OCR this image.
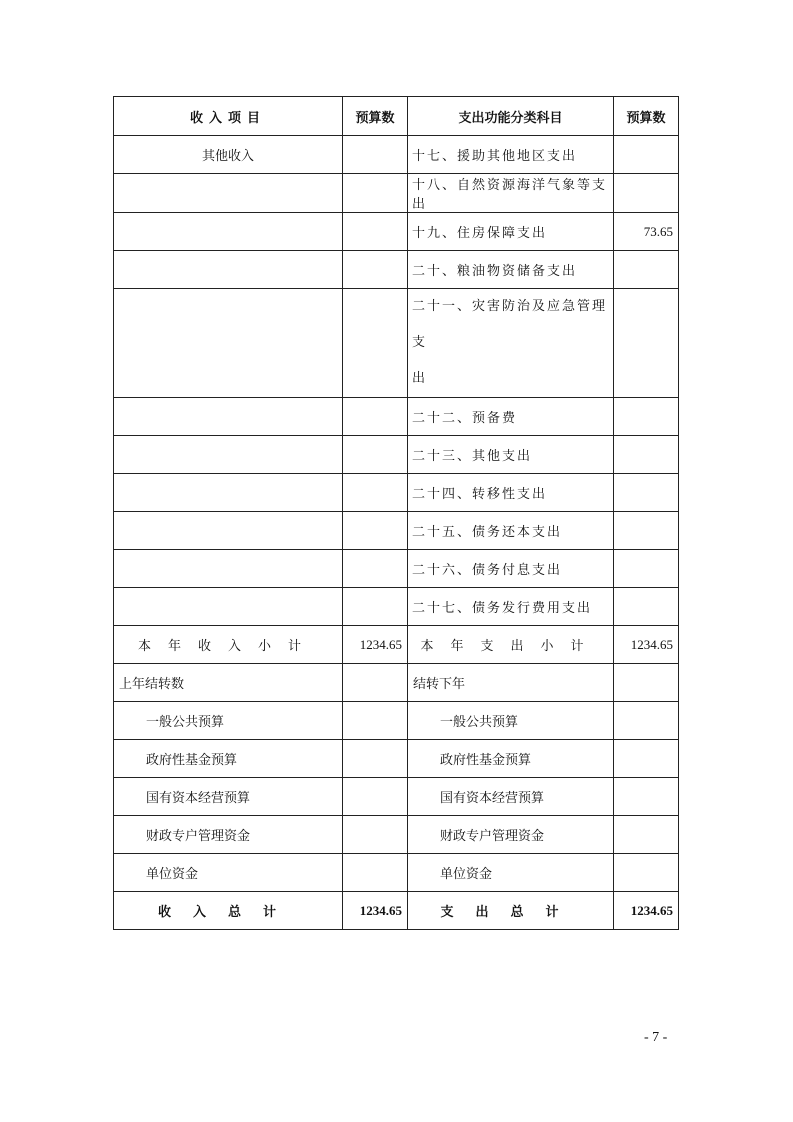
收入项目	预算数	支出功能分类科目	预算数
其他收入		十七、援助其他地区支出	
		十八、自然资源海洋气象等支出	
		十九、住房保障支出	73.65
		二十、粮油物资储备支出	

		二十一、灾害防治及应急管理支
出	

		二十二、预备费	
		二十三、其他支出	
		二十四、转移性支出	
		二十五、债务还本支出	
		二十六、债务付息支出	
		二十七、债务发行费用支出	
本年收入小计	1234.65	本年支出小计	1234.65
上年结转数		结转下年	
一般公共预算		一般公共预算	
政府性基金预算		政府性基金预算	
国有资本经营预算		国有资本经营预算	
财政专户管理资金		财政专户管理资金	
单位资金		单位资金	
收入总计	1234.65	支出总计	1234.65
- 7 -
